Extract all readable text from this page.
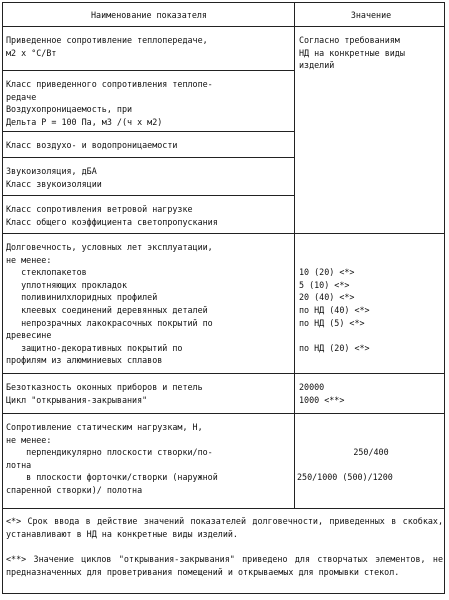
Наименование показателя	Значение
Приведенное сопротивление теплопередаче,
м2 x °С/Вт
Согласно требованиям
НД на конкретные виды
изделий
Класс приведенного сопротивления теплопе-
редаче
Воздухопроницаемость, при
Дельта P = 100 Па, м3 /(ч x м2)
Класс воздухо- и водопроницаемости
Звукоизоляция, дБА
Класс звукоизоляции
Класс сопротивления ветровой нагрузке
Класс общего коэффициента светопропускания
Долговечность, условных лет эксплуатации,
не менее:
стеклопакетов
уплотняющих прокладок
поливинилхлоридных профилей
клеевых соединений деревянных деталей
непрозрачных лакокрасочных покрытий по
древесине
защитно-декоративных покрытий по
профилям из алюминиевых сплавов

10 (20) <*>
5 (10) <*>
20 (40) <*>
по НД (40) <*>
по НД (5) <*>

по НД (20) <*>
Безотказность оконных приборов и петель
Цикл "открывания-закрывания"
20000
1000 <**>
Сопротивление статическим нагрузкам, Н,
не менее:
перпендикулярно плоскости створки/по-
лотна
в плоскости форточки/створки (наружной
спаренной створки)/ полотна
250/400
250/1000 (500)/1200
<*> Срок ввода в действие значений показателей долговечности, приведенных в скобках, устанавливают в НД на конкретные виды изделий.
<**> Значение циклов "открывания-закрывания" приведено для створчатых элементов, не предназначенных для проветривания помещений и открываемых для промывки стекол.
